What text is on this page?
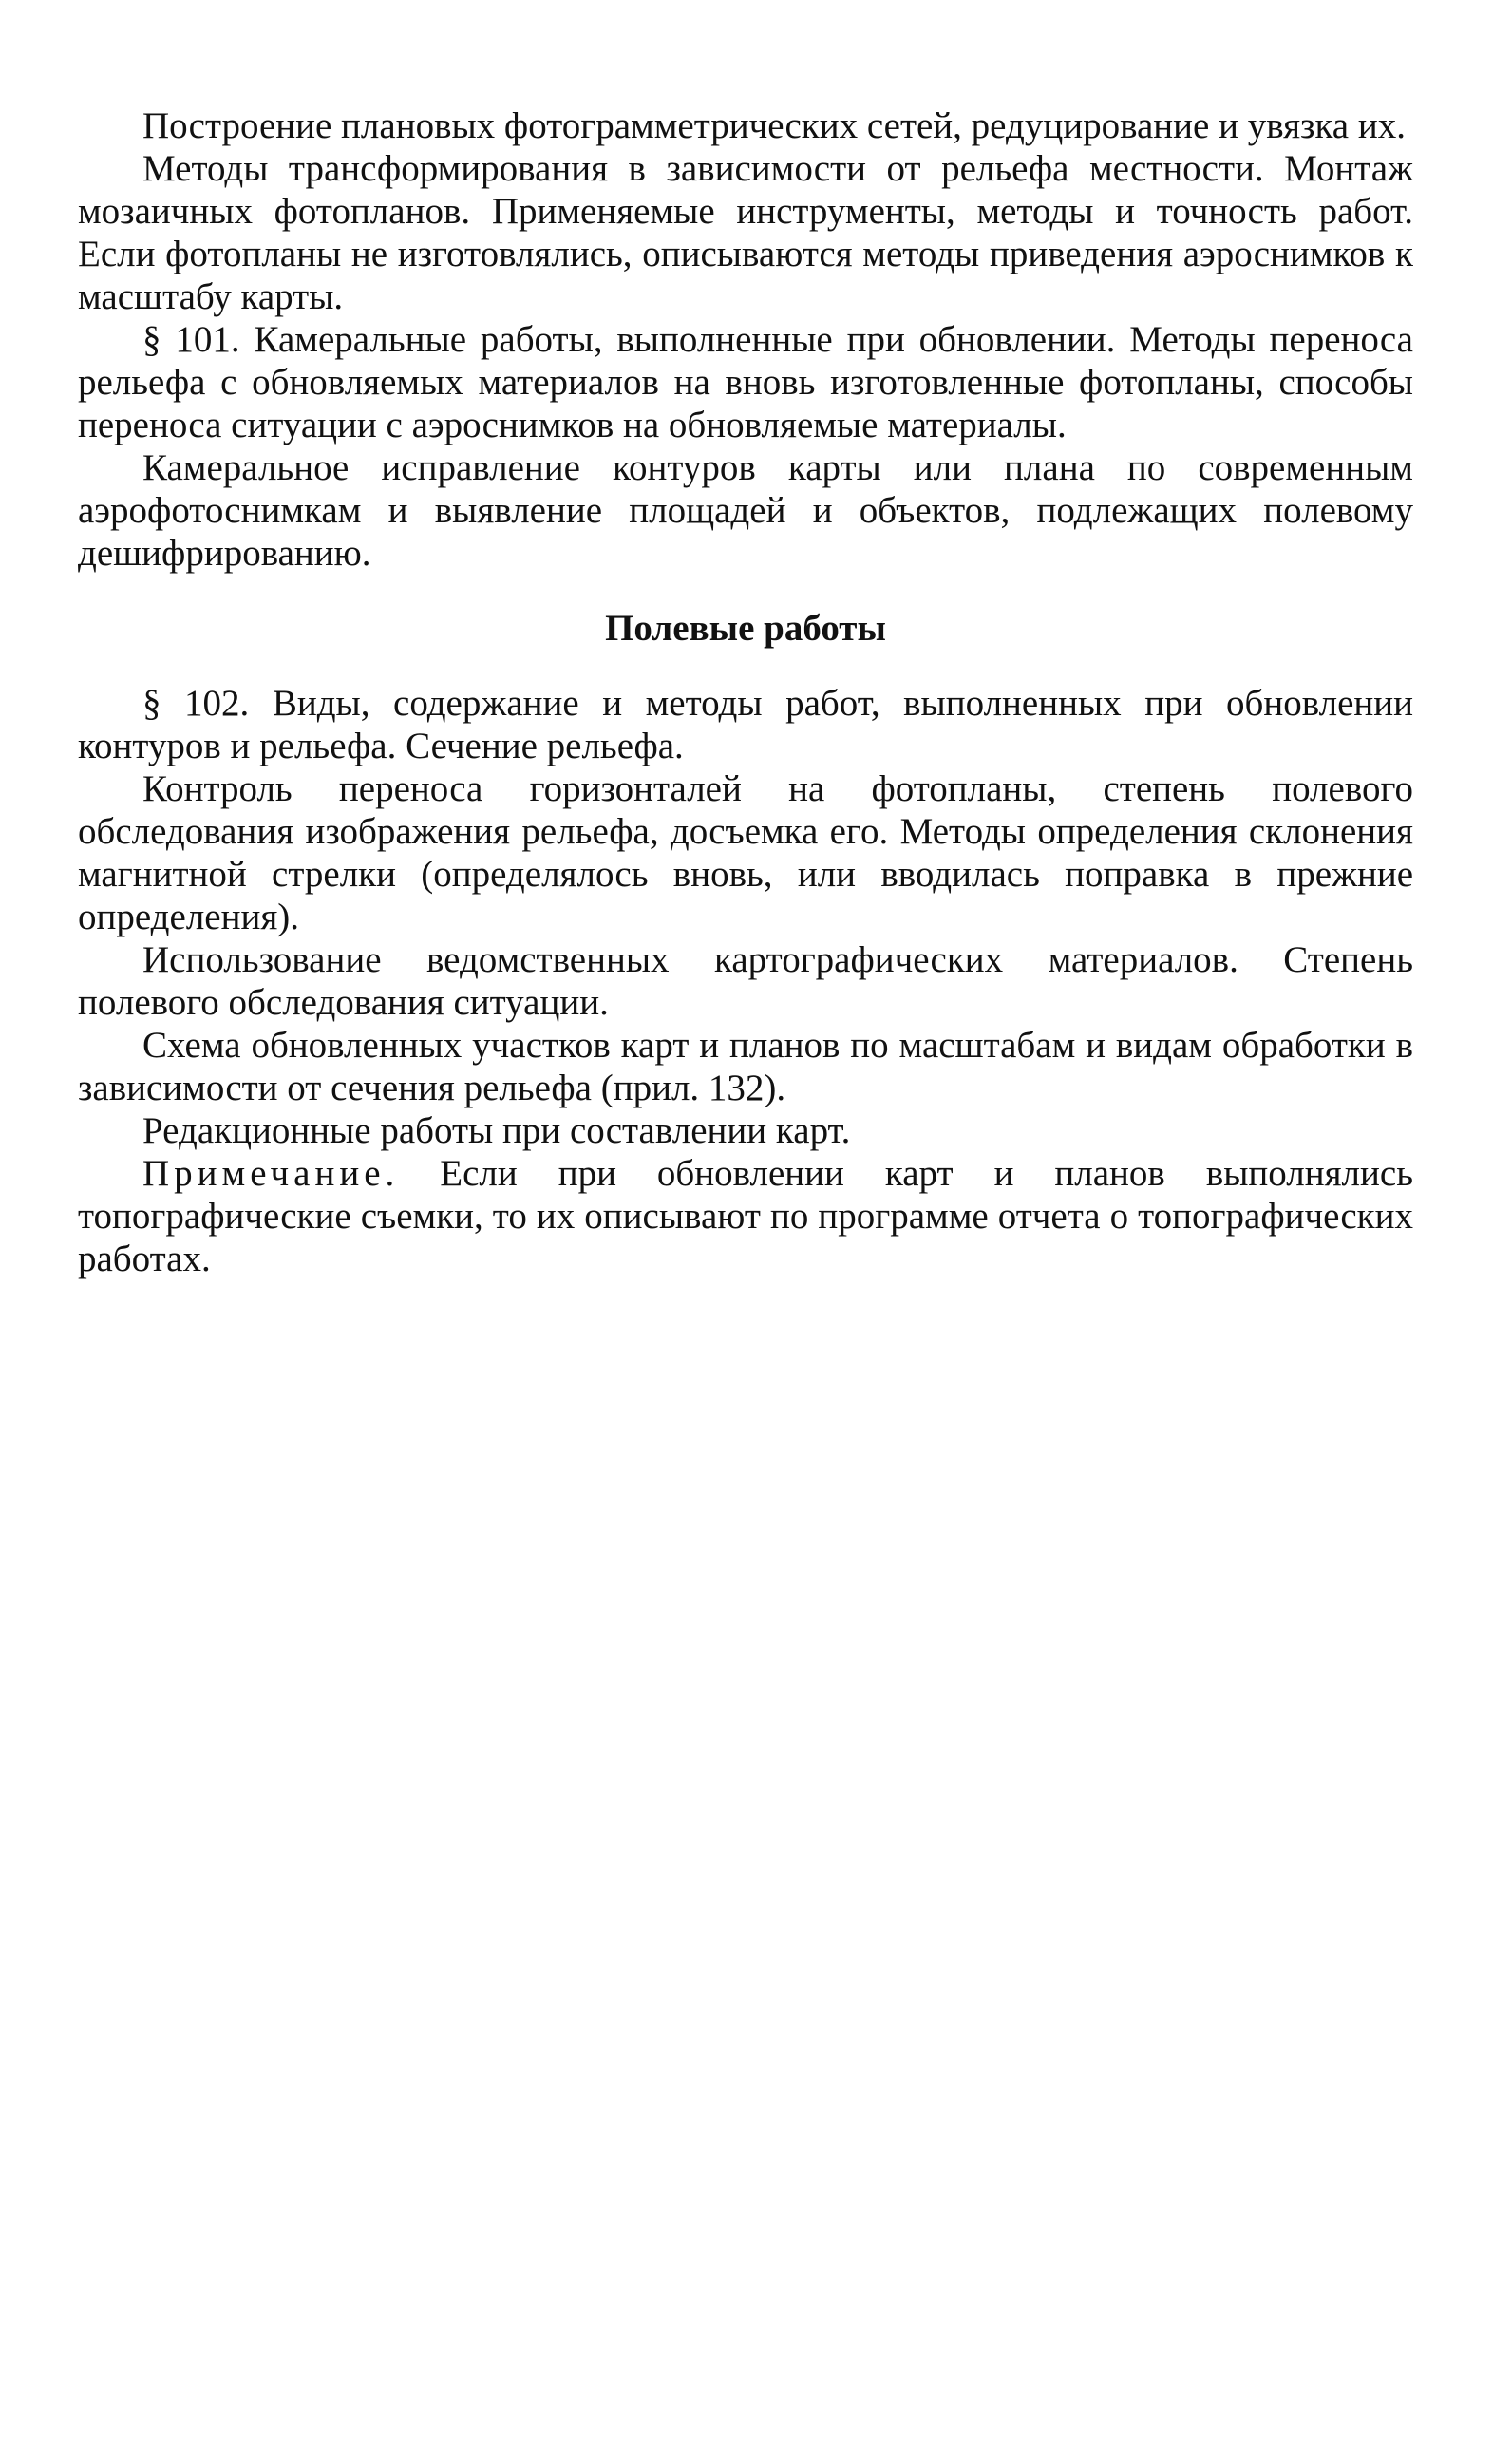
Построение плановых фотограмметрических сетей, редуцирование и увязка их.

Методы трансформирования в зависимости от рельефа местности. Монтаж мозаичных фотопланов. Применяемые инструменты, методы и точность работ. Если фотопланы не изготовлялись, описываются методы приведения аэроснимков к масштабу карты.

§ 101. Камеральные работы, выполненные при обновлении. Методы переноса рельефа с обновляемых материалов на вновь изготовленные фотопланы, способы переноса ситуации с аэроснимков на обновляемые материалы.

Камеральное исправление контуров карты или плана по современным аэрофотоснимкам и выявление площадей и объектов, подлежащих полевому дешифрированию.

Полевые работы

§ 102. Виды, содержание и методы работ, выполненных при обновлении контуров и рельефа. Сечение рельефа.

Контроль переноса горизонталей на фотопланы, степень полевого обследования изображения рельефа, досъемка его. Методы определения склонения магнитной стрелки (определялось вновь, или вводилась поправка в прежние определения).

Использование ведомственных картографических материалов. Степень полевого обследования ситуации.

Схема обновленных участков карт и планов по масштабам и видам обработки в зависимости от сечения рельефа (прил. 132).

Редакционные работы при составлении карт.

Примечание. Если при обновлении карт и планов выполнялись топографические съемки, то их описывают по программе отчета о топографических работах.
